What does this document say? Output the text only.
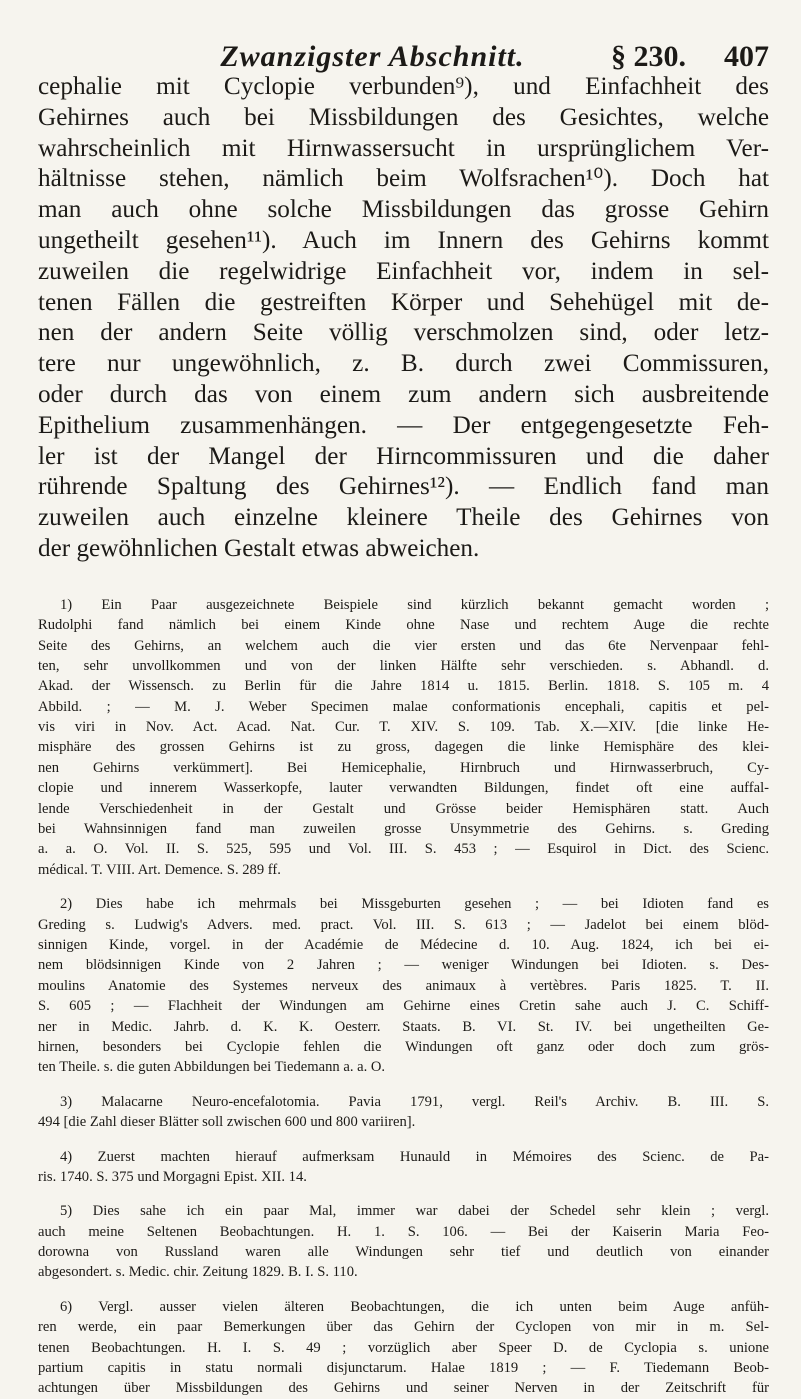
Zwanzigster Abschnitt.	§ 230. 407

cephalie mit Cyclopie verbunden⁹), und Einfachheit des
Gehirnes auch bei Missbildungen des Gesichtes, welche
wahrscheinlich mit Hirnwassersucht in ursprünglichem Ver-
hältnisse stehen, nämlich beim Wolfsrachen¹⁰). Doch hat
man auch ohne solche Missbildungen das grosse Gehirn
ungetheilt gesehen¹¹). Auch im Innern des Gehirns kommt
zuweilen die regelwidrige Einfachheit vor, indem in sel-
tenen Fällen die gestreiften Körper und Sehehügel mit de-
nen der andern Seite völlig verschmolzen sind, oder letz-
tere nur ungewöhnlich, z. B. durch zwei Commissuren,
oder durch das von einem zum andern sich ausbreitende
Epithelium zusammenhängen. — Der entgegengesetzte Feh-
ler ist der Mangel der Hirncommissuren und die daher
rührende Spaltung des Gehirnes¹²). — Endlich fand man
zuweilen auch einzelne kleinere Theile des Gehirnes von
der gewöhnlichen Gestalt etwas abweichen.

1) Ein Paar ausgezeichnete Beispiele sind kürzlich bekannt gemacht worden ;
Rudolphi fand nämlich bei einem Kinde ohne Nase und rechtem Auge die rechte
Seite des Gehirns, an welchem auch die vier ersten und das 6te Nervenpaar fehl-
ten, sehr unvollkommen und von der linken Hälfte sehr verschieden. s. Abhandl. d.
Akad. der Wissensch. zu Berlin für die Jahre 1814 u. 1815. Berlin. 1818. S. 105 m. 4
Abbild. ; — M. J. Weber Specimen malae conformationis encephali, capitis et pel-
vis viri in Nov. Act. Acad. Nat. Cur. T. XIV. S. 109. Tab. X.—XIV. [die linke He-
misphäre des grossen Gehirns ist zu gross, dagegen die linke Hemisphäre des klei-
nen Gehirns verkümmert]. Bei Hemicephalie, Hirnbruch und Hirnwasserbruch, Cy-
clopie und innerem Wasserkopfe, lauter verwandten Bildungen, findet oft eine auffal-
lende Verschiedenheit in der Gestalt und Grösse beider Hemisphären statt. Auch
bei Wahnsinnigen fand man zuweilen grosse Unsymmetrie des Gehirns. s. Greding
a. a. O. Vol. II. S. 525, 595 und Vol. III. S. 453 ; — Esquirol in Dict. des Scienc.
médical. T. VIII. Art. Demence. S. 289 ff.
2) Dies habe ich mehrmals bei Missgeburten gesehen ; — bei Idioten fand es
Greding s. Ludwig's Advers. med. pract. Vol. III. S. 613 ; — Jadelot bei einem blöd-
sinnigen Kinde, vorgel. in der Académie de Médecine d. 10. Aug. 1824, ich bei ei-
nem blödsinnigen Kinde von 2 Jahren ; — weniger Windungen bei Idioten. s. Des-
moulins Anatomie des Systemes nerveux des animaux à vertèbres. Paris 1825. T. II.
S. 605 ; — Flachheit der Windungen am Gehirne eines Cretin sahe auch J. C. Schiff-
ner in Medic. Jahrb. d. K. K. Oesterr. Staats. B. VI. St. IV. bei ungetheilten Ge-
hirnen, besonders bei Cyclopie fehlen die Windungen oft ganz oder doch zum grös-
ten Theile. s. die guten Abbildungen bei Tiedemann a. a. O.
3) Malacarne Neuro-encefalotomia. Pavia 1791, vergl. Reil's Archiv. B. III. S.
494 [die Zahl dieser Blätter soll zwischen 600 und 800 variiren].
4) Zuerst machten hierauf aufmerksam Hunauld in Mémoires des Scienc. de Pa-
ris. 1740. S. 375 und Morgagni Epist. XII. 14.
5) Dies sahe ich ein paar Mal, immer war dabei der Schedel sehr klein ; vergl.
auch meine Seltenen Beobachtungen. H. 1. S. 106. — Bei der Kaiserin Maria Feo-
dorowna von Russland waren alle Windungen sehr tief und deutlich von einander
abgesondert. s. Medic. chir. Zeitung 1829. B. I. S. 110.
6) Vergl. ausser vielen älteren Beobachtungen, die ich unten beim Auge anfüh-
ren werde, ein paar Bemerkungen über das Gehirn der Cyclopen von mir in m. Sel-
tenen Beobachtungen. H. I. S. 49 ; vorzüglich aber Speer D. de Cyclopia s. unione
partium capitis in statu normali disjunctarum. Halae 1819 ; — F. Tiedemann Beob-
achtungen über Missbildungen des Gehirns und seiner Nerven in der Zeitschrift für
